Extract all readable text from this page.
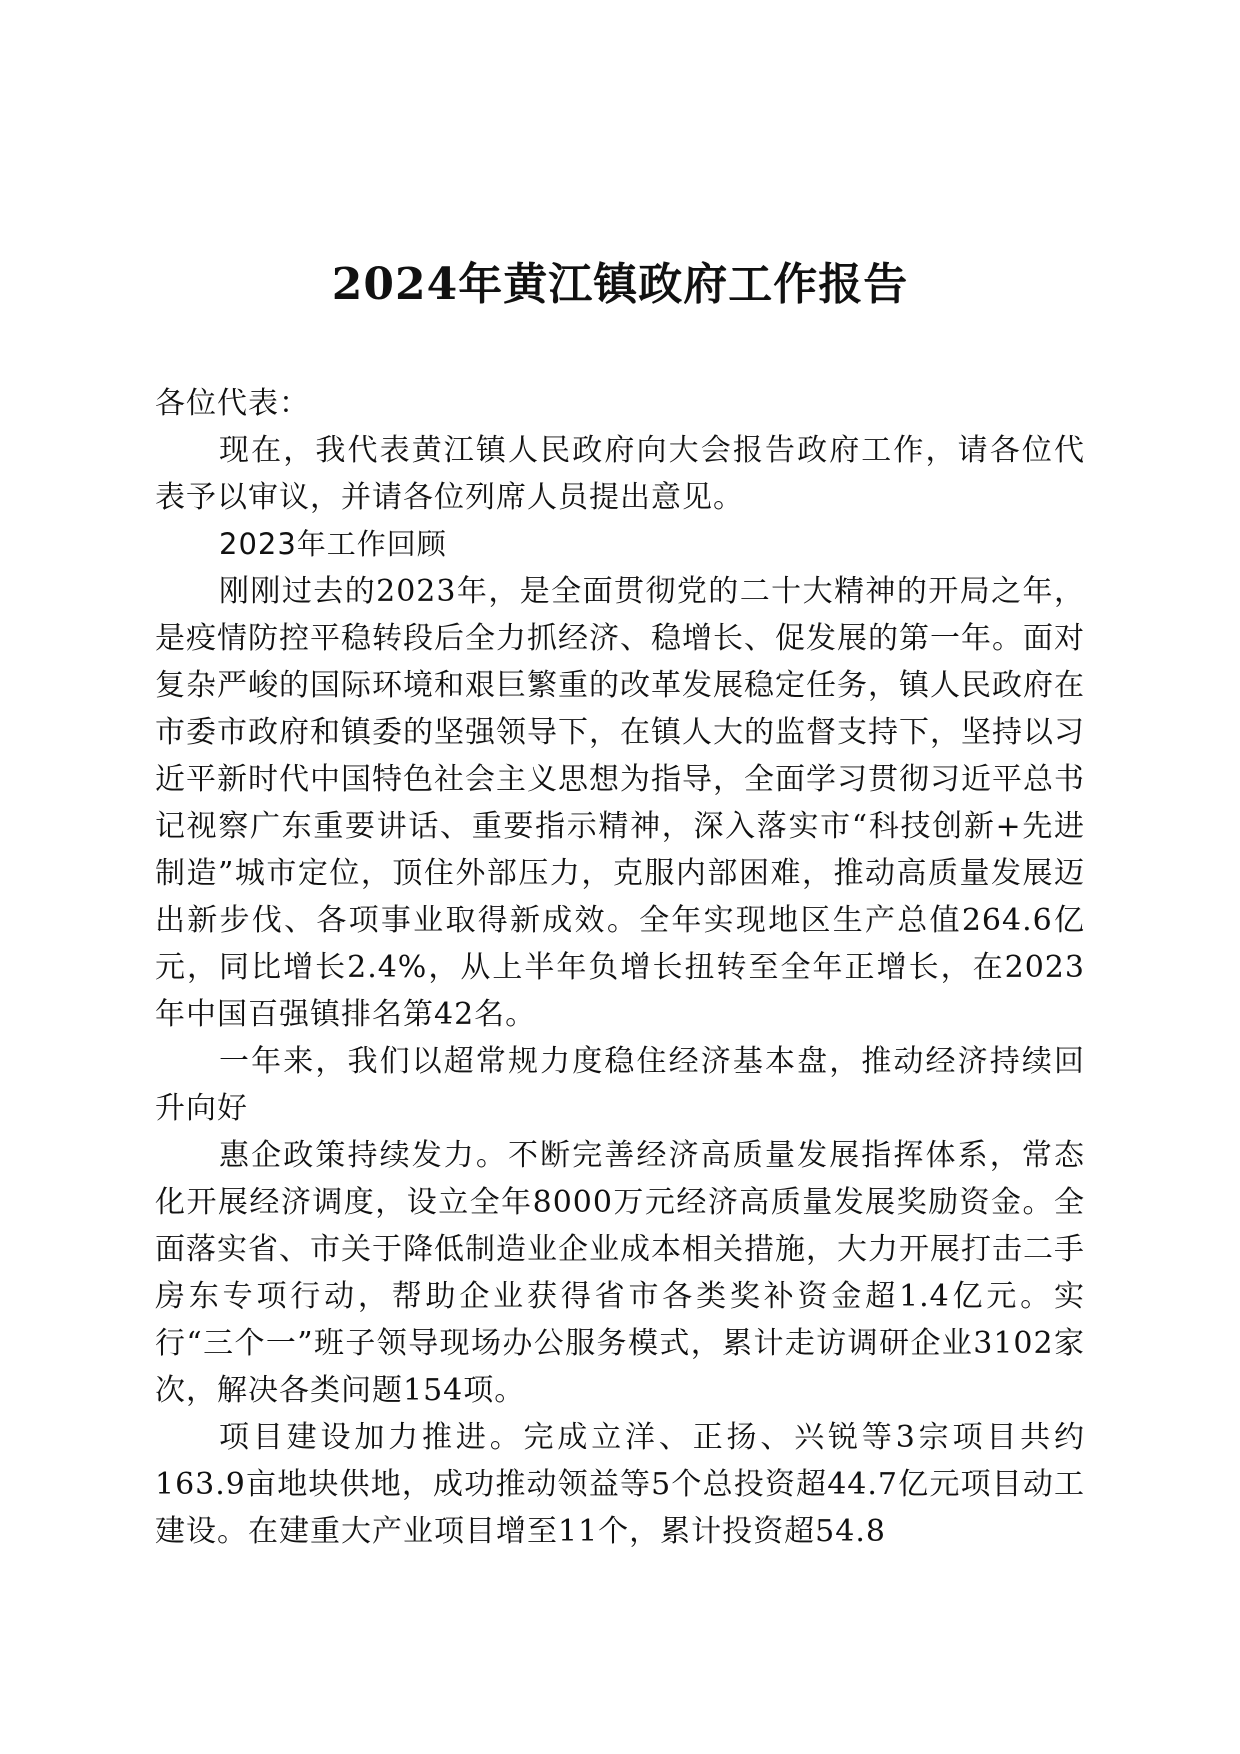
2024年黄江镇政府工作报告

各位代表：

现在，我代表黄江镇人民政府向大会报告政府工作，请各位代表予以审议，并请各位列席人员提出意见。

2023年工作回顾

刚刚过去的2023年，是全面贯彻党的二十大精神的开局之年，是疫情防控平稳转段后全力抓经济、稳增长、促发展的第一年。面对复杂严峻的国际环境和艰巨繁重的改革发展稳定任务，镇人民政府在市委市政府和镇委的坚强领导下，在镇人大的监督支持下，坚持以习近平新时代中国特色社会主义思想为指导，全面学习贯彻习近平总书记视察广东重要讲话、重要指示精神，深入落实市“科技创新+先进制造”城市定位，顶住外部压力，克服内部困难，推动高质量发展迈出新步伐、各项事业取得新成效。全年实现地区生产总值264.6亿元，同比增长2.4%，从上半年负增长扭转至全年正增长，在2023年中国百强镇排名第42名。

一年来，我们以超常规力度稳住经济基本盘，推动经济持续回升向好

惠企政策持续发力。不断完善经济高质量发展指挥体系，常态化开展经济调度，设立全年8000万元经济高质量发展奖励资金。全面落实省、市关于降低制造业企业成本相关措施，大力开展打击二手房东专项行动，帮助企业获得省市各类奖补资金超1.4亿元。实行“三个一”班子领导现场办公服务模式，累计走访调研企业3102家次，解决各类问题154项。

项目建设加力推进。完成立洋、正扬、兴锐等3宗项目共约163.9亩地块供地，成功推动领益等5个总投资超44.7亿元项目动工建设。在建重大产业项目增至11个，累计投资超54.8
